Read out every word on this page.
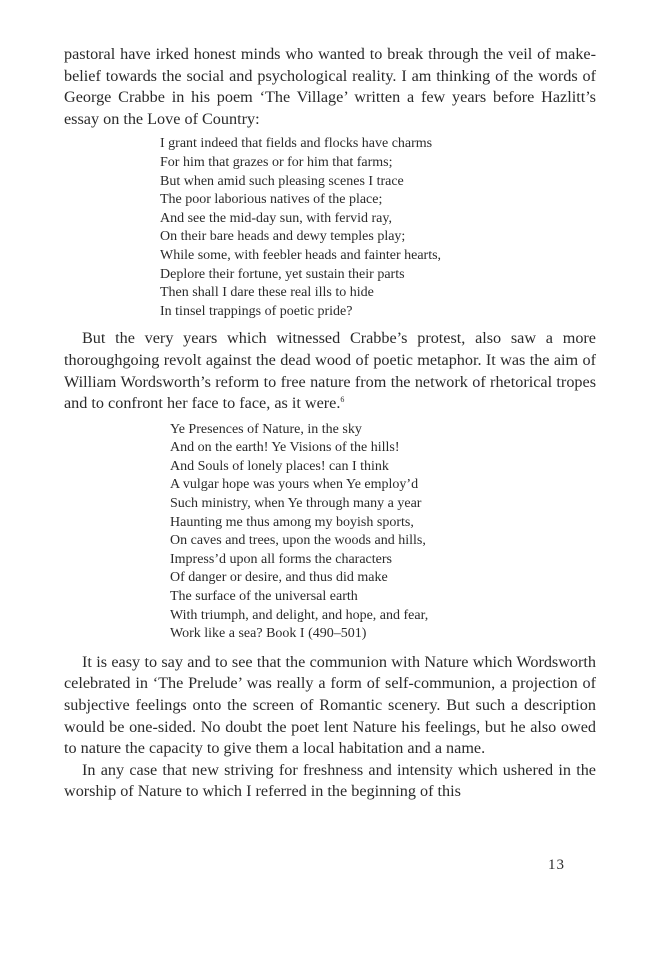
pastoral have irked honest minds who wanted to break through the veil of make-belief towards the social and psychological reality. I am thinking of the words of George Crabbe in his poem ‘The Village’ written a few years before Hazlitt’s essay on the Love of Country:

I grant indeed that fields and flocks have charms
For him that grazes or for him that farms;
But when amid such pleasing scenes I trace
The poor laborious natives of the place;
And see the mid-day sun, with fervid ray,
On their bare heads and dewy temples play;
While some, with feebler heads and fainter hearts,
Deplore their fortune, yet sustain their parts
Then shall I dare these real ills to hide
In tinsel trappings of poetic pride?

But the very years which witnessed Crabbe’s protest, also saw a more thoroughgoing revolt against the dead wood of poetic metaphor. It was the aim of William Wordsworth’s reform to free nature from the network of rhetorical tropes and to confront her face to face, as it were.$^6$

Ye Presences of Nature, in the sky
And on the earth! Ye Visions of the hills!
And Souls of lonely places! can I think
A vulgar hope was yours when Ye employ’d
Such ministry, when Ye through many a year
Haunting me thus among my boyish sports,
On caves and trees, upon the woods and hills,
Impress’d upon all forms the characters
Of danger or desire, and thus did make
The surface of the universal earth
With triumph, and delight, and hope, and fear,
Work like a sea? Book I (490–501)

It is easy to say and to see that the communion with Nature which Wordsworth celebrated in ‘The Prelude’ was really a form of self-communion, a projection of subjective feelings onto the screen of Romantic scenery. But such a description would be one-sided. No doubt the poet lent Nature his feelings, but he also owed to nature the capacity to give them a local habitation and a name.

In any case that new striving for freshness and intensity which ushered in the worship of Nature to which I referred in the beginning of this

13
